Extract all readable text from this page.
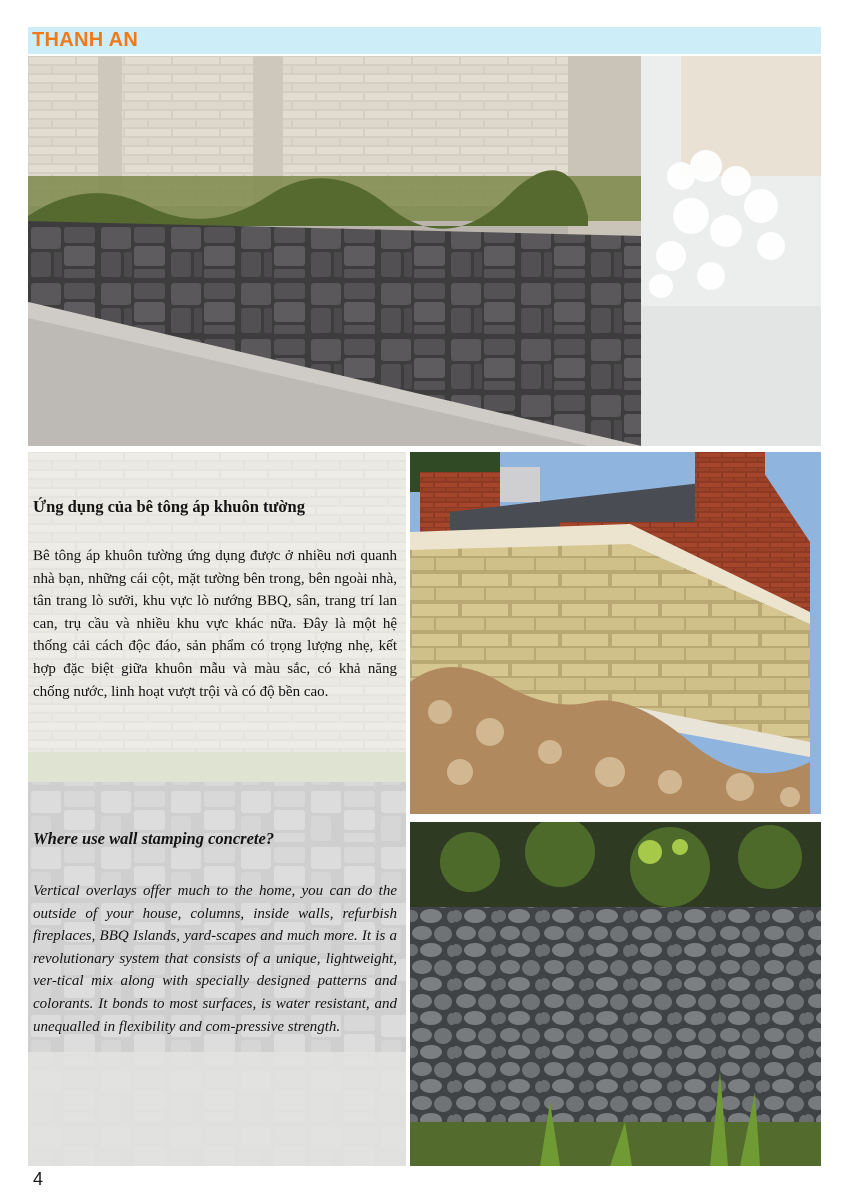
THANH AN
Ứng dụng của bê tông áp khuôn tường

Bê tông áp khuôn tường ứng dụng được ở nhiều nơi quanh nhà bạn, những cái cột, mặt tường bên trong, bên ngoài nhà, tân trang lò sưởi, khu vực lò nướng BBQ, sân, trang trí lan can, trụ cầu và nhiều khu vực khác nữa. Đây là một hệ thống cải cách độc đáo, sản phẩm có trọng lượng nhẹ, kết hợp đặc biệt giữa khuôn mẫu và màu sắc, có khả năng chống nước, linh hoạt vượt trội và có độ bền cao.

Where use wall stamping concrete?

Vertical overlays offer much to the home, you can do the outside of your house, columns, inside walls, refurbish fireplaces, BBQ Islands, yard-scapes and much more. It is a revolutionary system that consists of a unique, lightweight, ver-tical mix along with specially designed patterns and colorants. It bonds to most surfaces, is water resistant, and unequalled in flexibility and com-pressive strength.

4
